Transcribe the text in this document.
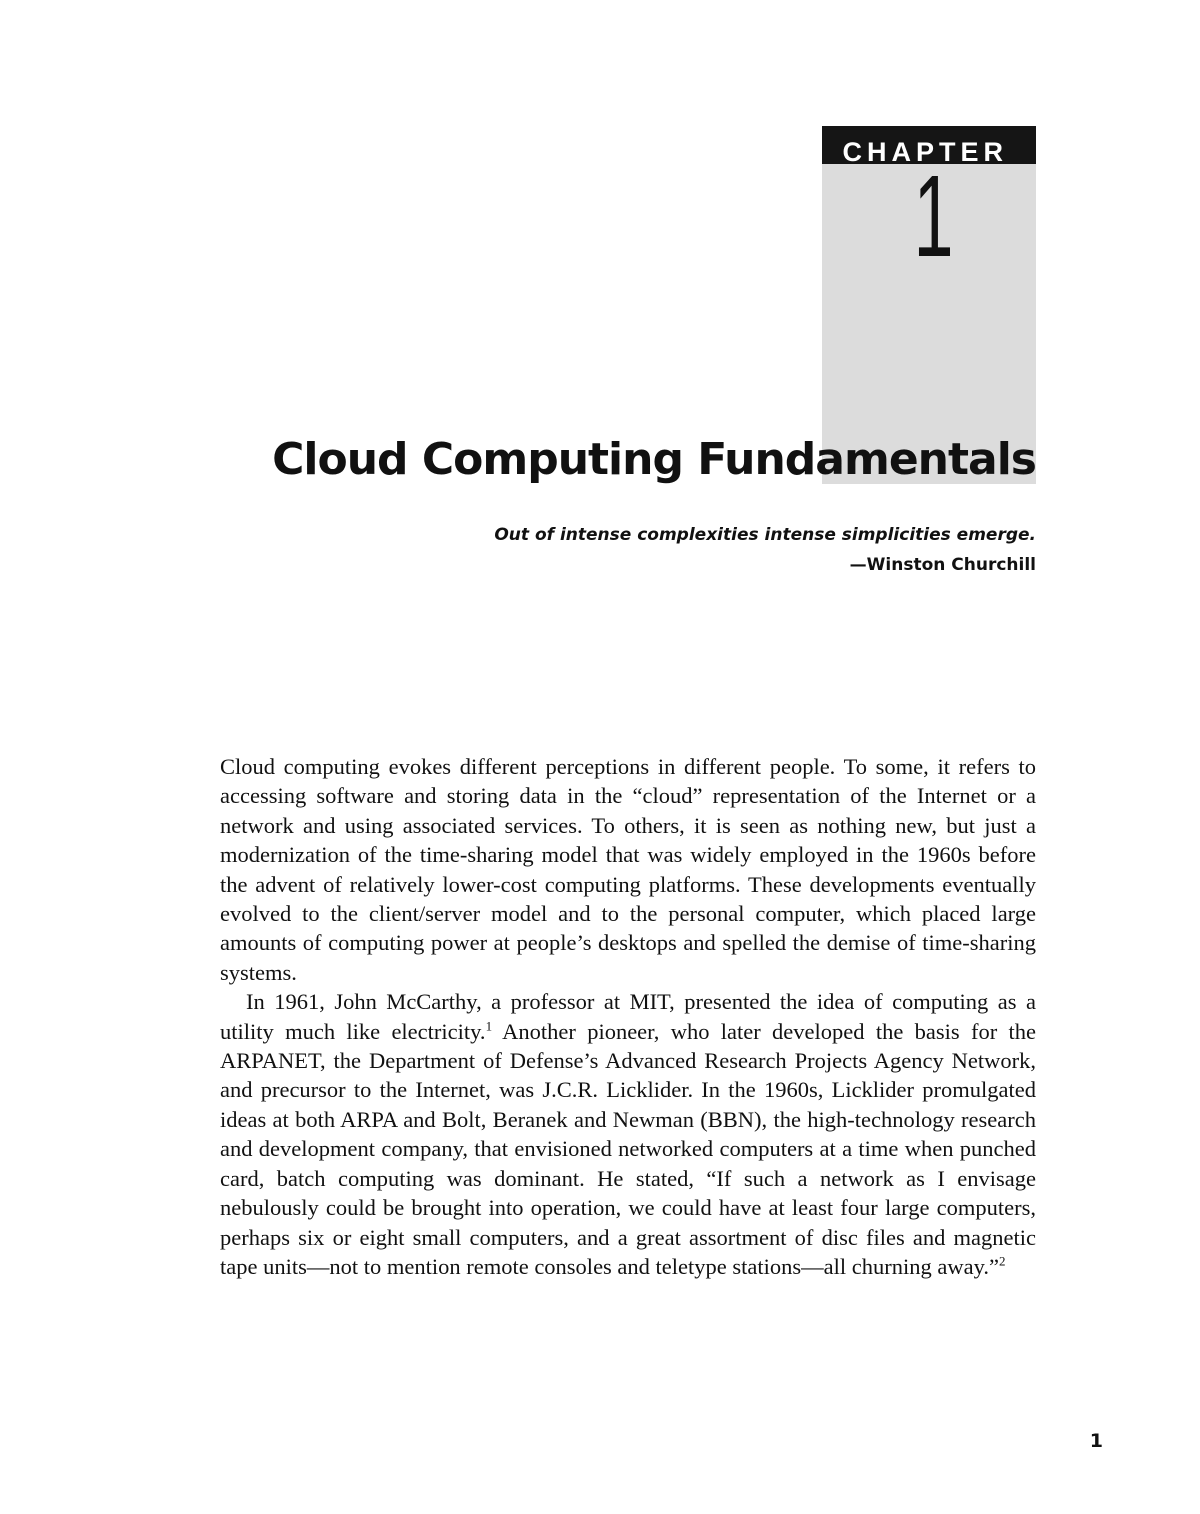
CHAPTER
1
Cloud Computing Fundamentals
Out of intense complexities intense simplicities emerge.
—Winston Churchill

Cloud computing evokes different perceptions in different people. To some, it refers to accessing software and storing data in the “cloud” representation of the Internet or a network and using associated services. To others, it is seen as nothing new, but just a modernization of the time-sharing model that was widely employed in the 1960s before the advent of relatively lower-cost computing platforms. These developments eventually evolved to the client/server model and to the personal computer, which placed large amounts of computing power at people’s desktops and spelled the demise of time-sharing systems.

In 1961, John McCarthy, a professor at MIT, presented the idea of computing as a utility much like electricity.$^1$ Another pioneer, who later developed the basis for the ARPANET, the Department of Defense’s Advanced Research Projects Agency Network, and precursor to the Internet, was J.C.R. Licklider. In the 1960s, Licklider promulgated ideas at both ARPA and Bolt, Beranek and Newman (BBN), the high-technology research and development company, that envisioned networked computers at a time when punched card, batch computing was dominant. He stated, “If such a network as I envisage nebulously could be brought into operation, we could have at least four large computers, perhaps six or eight small computers, and a great assortment of disc files and magnetic tape units—not to mention remote consoles and teletype stations—all churning away.”$^2$

1
